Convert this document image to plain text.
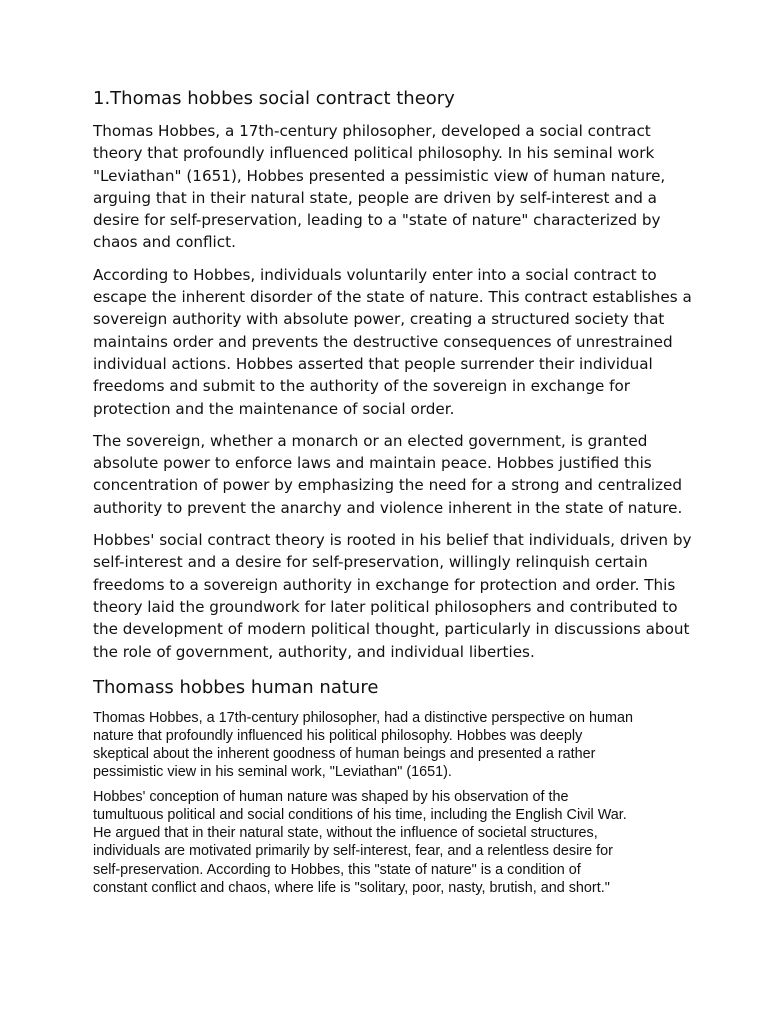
1.Thomas hobbes social contract theory

Thomas Hobbes, a 17th-century philosopher, developed a social contract
theory that profoundly influenced political philosophy. In his seminal work
"Leviathan" (1651), Hobbes presented a pessimistic view of human nature,
arguing that in their natural state, people are driven by self-interest and a
desire for self-preservation, leading to a "state of nature" characterized by
chaos and conflict.

According to Hobbes, individuals voluntarily enter into a social contract to
escape the inherent disorder of the state of nature. This contract establishes a
sovereign authority with absolute power, creating a structured society that
maintains order and prevents the destructive consequences of unrestrained
individual actions. Hobbes asserted that people surrender their individual
freedoms and submit to the authority of the sovereign in exchange for
protection and the maintenance of social order.

The sovereign, whether a monarch or an elected government, is granted
absolute power to enforce laws and maintain peace. Hobbes justified this
concentration of power by emphasizing the need for a strong and centralized
authority to prevent the anarchy and violence inherent in the state of nature.

Hobbes' social contract theory is rooted in his belief that individuals, driven by
self-interest and a desire for self-preservation, willingly relinquish certain
freedoms to a sovereign authority in exchange for protection and order. This
theory laid the groundwork for later political philosophers and contributed to
the development of modern political thought, particularly in discussions about
the role of government, authority, and individual liberties.

Thomass hobbes human nature

Thomas Hobbes, a 17th-century philosopher, had a distinctive perspective on human
nature that profoundly influenced his political philosophy. Hobbes was deeply
skeptical about the inherent goodness of human beings and presented a rather
pessimistic view in his seminal work, "Leviathan" (1651).

Hobbes' conception of human nature was shaped by his observation of the
tumultuous political and social conditions of his time, including the English Civil War.
He argued that in their natural state, without the influence of societal structures,
individuals are motivated primarily by self-interest, fear, and a relentless desire for
self-preservation. According to Hobbes, this "state of nature" is a condition of
constant conflict and chaos, where life is "solitary, poor, nasty, brutish, and short."
